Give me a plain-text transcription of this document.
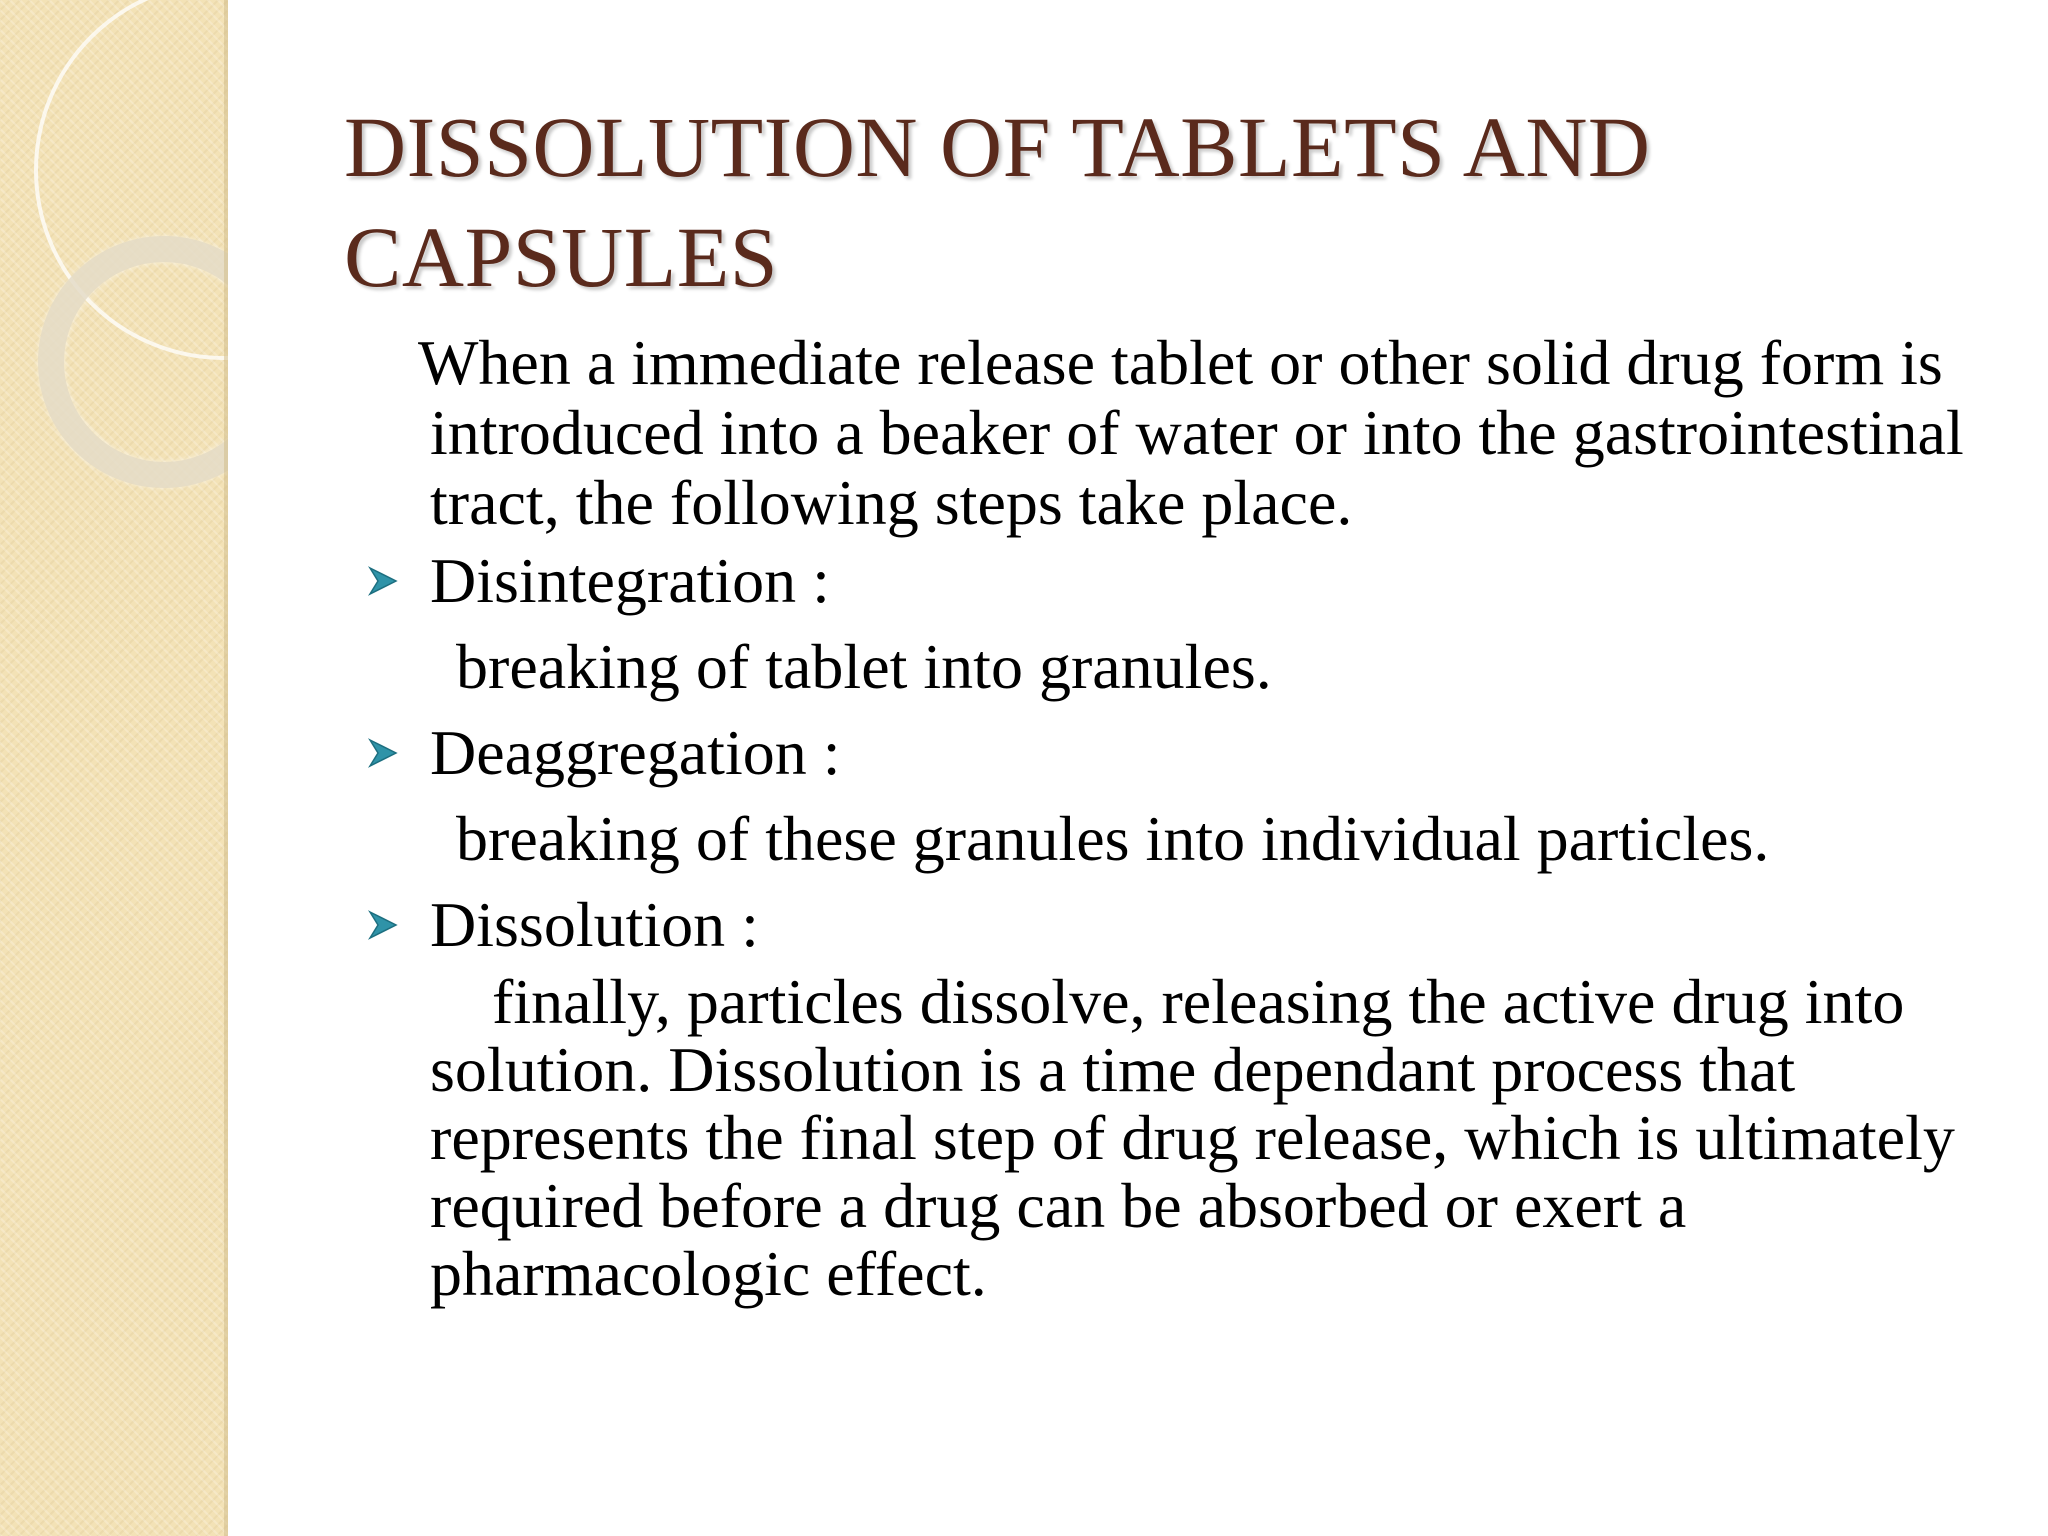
DISSOLUTION OF TABLETS AND
CAPSULES

When a immediate release tablet or other solid drug form is introduced into a beaker of water or into the gastrointestinal tract, the following steps take place.

Disintegration :

breaking of tablet into granules.

Deaggregation :

breaking of these granules into individual particles.

Dissolution :

finally, particles dissolve, releasing the active drug into solution. Dissolution is a time dependant process that represents the final step of drug release, which is ultimately required before a drug can be absorbed or exert a pharmacologic effect.
